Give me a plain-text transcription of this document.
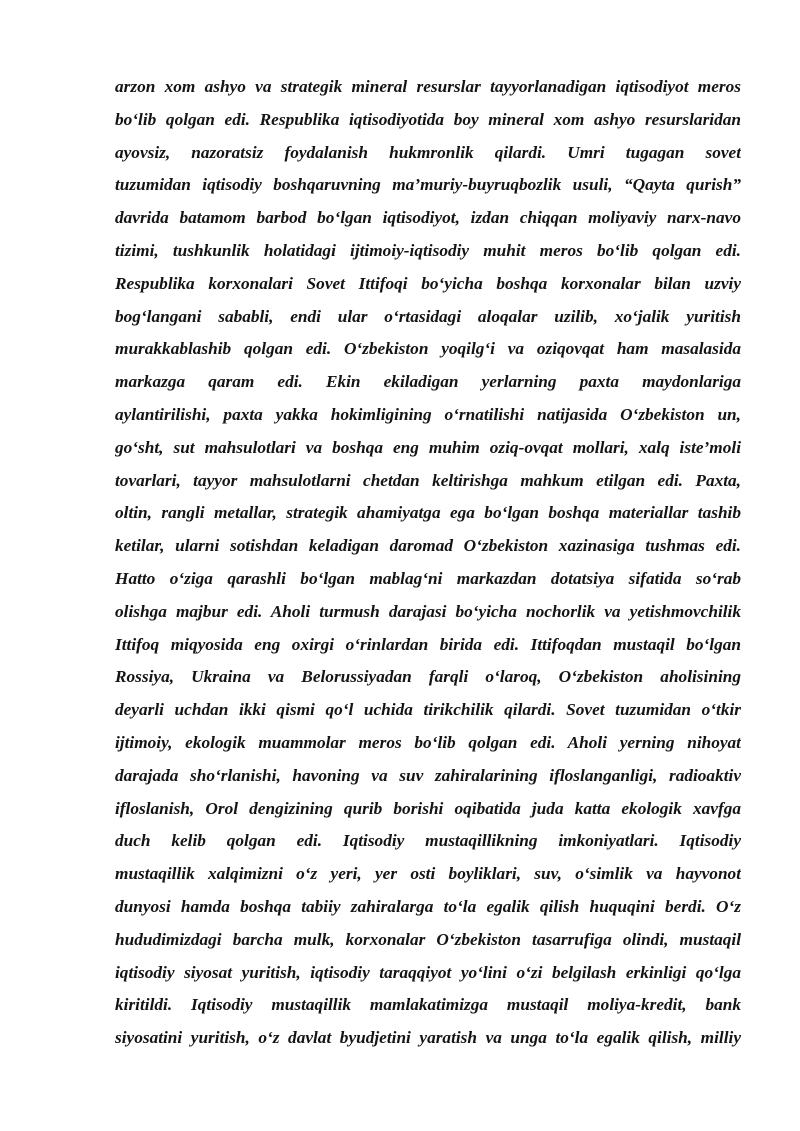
arzon xom ashyo va strategik mineral resurslar tayyorlanadigan iqtisodiyot meros
bo‘lib qolgan edi. Respublika iqtisodiyotida boy mineral xom ashyo resurslaridan
ayovsiz, nazoratsiz foydalanish hukmronlik qilardi. Umri tugagan sovet
tuzumidan iqtisodiy boshqaruvning ma’muriy-buyruqbozlik usuli, “Qayta qurish”
davrida batamom barbod bo‘lgan iqtisodiyot, izdan chiqqan moliyaviy narx-navo
tizimi, tushkunlik holatidagi ijtimoiy-iqtisodiy muhit meros bo‘lib qolgan edi.
Respublika korxonalari Sovet Ittifoqi bo‘yicha boshqa korxonalar bilan uzviy
bog‘langani sababli, endi ular o‘rtasidagi aloqalar uzilib, xo‘jalik yuritish
murakkablashib qolgan edi. O‘zbekiston yoqilg‘i va oziqovqat ham masalasida
markazga qaram edi. Ekin ekiladigan yerlarning paxta maydonlariga
aylantirilishi, paxta yakka hokimligining o‘rnatilishi natijasida O‘zbekiston un,
go‘sht, sut mahsulotlari va boshqa eng muhim oziq-ovqat mollari, xalq iste’moli
tovarlari, tayyor mahsulotlarni chetdan keltirishga mahkum etilgan edi. Paxta,
oltin, rangli metallar, strategik ahamiyatga ega bo‘lgan boshqa materiallar tashib
ketilar, ularni sotishdan keladigan daromad O‘zbekiston xazinasiga tushmas edi.
Hatto o‘ziga qarashli bo‘lgan mablag‘ni markazdan dotatsiya sifatida so‘rab
olishga majbur edi. Aholi turmush darajasi bo‘yicha nochorlik va yetishmovchilik
Ittifoq miqyosida eng oxirgi o‘rinlardan birida edi. Ittifoqdan mustaqil bo‘lgan
Rossiya, Ukraina va Belorussiyadan farqli o‘laroq, O‘zbekiston aholisining
deyarli uchdan ikki qismi qo‘l uchida tirikchilik qilardi. Sovet tuzumidan o‘tkir
ijtimoiy, ekologik muammolar meros bo‘lib qolgan edi. Aholi yerning nihoyat
darajada sho‘rlanishi, havoning va suv zahiralarining ifloslanganligi, radioaktiv
ifloslanish, Orol dengizining qurib borishi oqibatida juda katta ekologik xavfga
duch kelib qolgan edi. Iqtisodiy mustaqillikning imkoniyatlari. Iqtisodiy
mustaqillik xalqimizni o‘z yeri, yer osti boyliklari, suv, o‘simlik va hayvonot
dunyosi hamda boshqa tabiiy zahiralarga to‘la egalik qilish huquqini berdi. O‘z
hududimizdagi barcha mulk, korxonalar O‘zbekiston tasarrufiga olindi, mustaqil
iqtisodiy siyosat yuritish, iqtisodiy taraqqiyot yo‘lini o‘zi belgilash erkinligi qo‘lga
kiritildi. Iqtisodiy mustaqillik mamlakatimizga mustaqil moliya-kredit, bank
siyosatini yuritish, o‘z davlat byudjetini yaratish va unga to‘la egalik qilish, milliy
